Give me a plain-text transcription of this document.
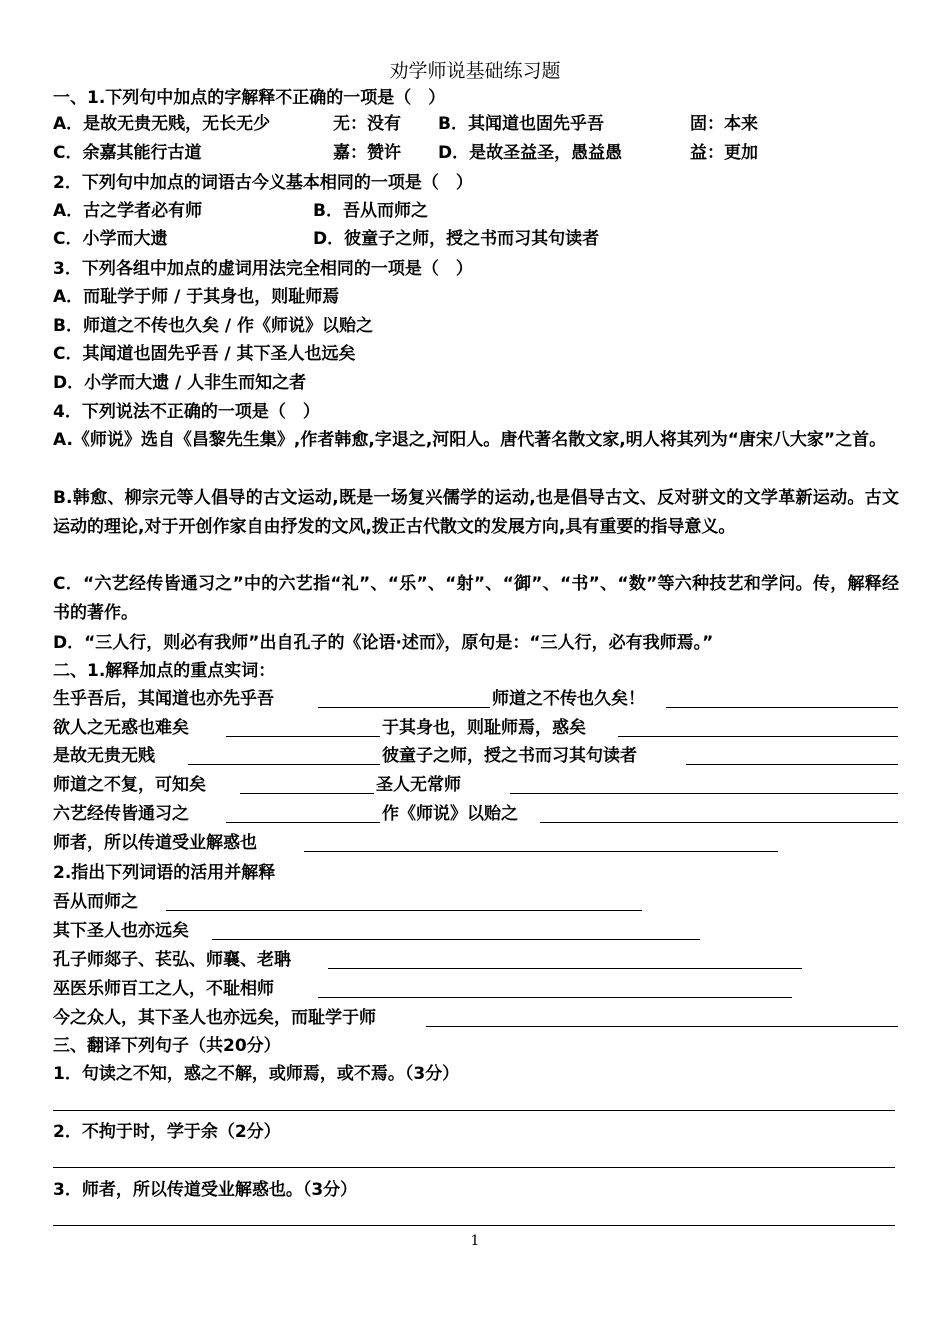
劝学师说基础练习题
一、1.下列句中加点的字解释不正确的一项是（　）
A．是故无贵无贱，无长无少	无：没有 B．其闻道也固先乎吾	固：本来
C．余嘉其能行古道	嘉：赞许 D．是故圣益圣，愚益愚	益：更加
2．下列句中加点的词语古今义基本相同的一项是（　）
A．古之学者必有师	B．吾从而师之
C．小学而大遗	D．彼童子之师，授之书而习其句读者
3．下列各组中加点的虚词用法完全相同的一项是（　）
A．而耻学于师 / 于其身也，则耻师焉
B．师道之不传也久矣 / 作《师说》以贻之
C．其闻道也固先乎吾 / 其下圣人也远矣
D．小学而大遗 / 人非生而知之者
4．下列说法不正确的一项是（　）
A.《师说》选自《昌黎先生集》,作者韩愈,字退之,河阳人。唐代著名散文家,明人将其列为“唐宋八大家”之首。
B.韩愈、柳宗元等人倡导的古文运动,既是一场复兴儒学的运动,也是倡导古文、反对骈文的文学革新运动。古文运动的理论,对于开创作家自由抒发的文风,拨正古代散文的发展方向,具有重要的指导意义。
C．“六艺经传皆通习之”中的六艺指“礼”、“乐”、“射”、“御”、“书”、“数”等六种技艺和学问。传，解释经书的著作。
D．“三人行，则必有我师”出自孔子的《论语·述而》，原句是：“三人行，必有我师焉。”
二、1.解释加点的重点实词：
生乎吾后，其闻道也亦先乎吾	师道之不传也久矣！
欲人之无惑也难矣	于其身也，则耻师焉，惑矣
是故无贵无贱	彼童子之师，授之书而习其句读者
师道之不复，可知矣	圣人无常师
六艺经传皆通习之	作《师说》以贻之
师者，所以传道受业解惑也
2.指出下列词语的活用并解释
吾从而师之
其下圣人也亦远矣
孔子师郯子、苌弘、师襄、老聃
巫医乐师百工之人，不耻相师
今之众人，其下圣人也亦远矣，而耻学于师
三、翻译下列句子（共20分）
1．句读之不知，惑之不解，或师焉，或不焉。（3分）
2．不拘于时，学于余（2分）
3．师者，所以传道受业解惑也。（3分）
1
